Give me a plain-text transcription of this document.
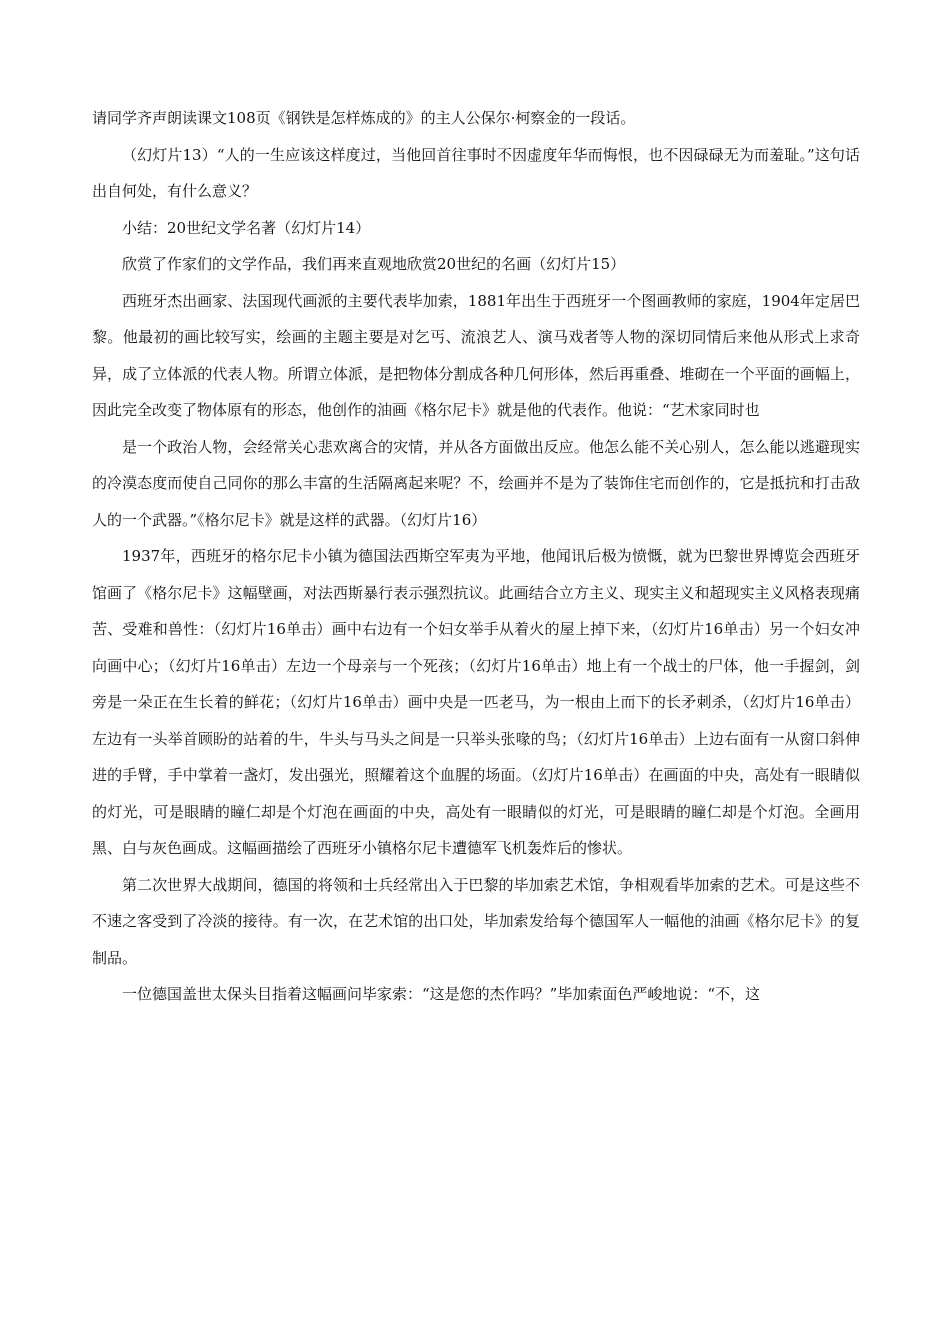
请同学齐声朗读课文108页《钢铁是怎样炼成的》的主人公保尔·柯察金的一段话。

（幻灯片13）“人的一生应该这样度过，当他回首往事时不因虚度年华而悔恨，也不因碌碌无为而羞耻。”这句话出自何处，有什么意义？

小结：20世纪文学名著（幻灯片14）

欣赏了作家们的文学作品，我们再来直观地欣赏20世纪的名画（幻灯片15）

西班牙杰出画家、法国现代画派的主要代表毕加索，1881年出生于西班牙一个图画教师的家庭，1904年定居巴黎。他最初的画比较写实，绘画的主题主要是对乞丐、流浪艺人、演马戏者等人物的深切同情后来他从形式上求奇异，成了立体派的代表人物。所谓立体派，是把物体分割成各种几何形体，然后再重叠、堆砌在一个平面的画幅上，因此完全改变了物体原有的形态，他创作的油画《格尔尼卡》就是他的代表作。他说：“艺术家同时也

是一个政治人物，会经常关心悲欢离合的灾情，并从各方面做出反应。他怎么能不关心别人，怎么能以逃避现实的冷漠态度而使自己同你的那么丰富的生活隔离起来呢？不，绘画并不是为了装饰住宅而创作的，它是抵抗和打击敌人的一个武器。”《格尔尼卡》就是这样的武器。（幻灯片16）

1937年，西班牙的格尔尼卡小镇为德国法西斯空军夷为平地，他闻讯后极为愤慨，就为巴黎世界博览会西班牙馆画了《格尔尼卡》这幅壁画，对法西斯暴行表示强烈抗议。此画结合立方主义、现实主义和超现实主义风格表现痛苦、受难和兽性：（幻灯片16单击）画中右边有一个妇女举手从着火的屋上掉下来，（幻灯片16单击）另一个妇女冲向画中心；（幻灯片16单击）左边一个母亲与一个死孩；（幻灯片16单击）地上有一个战士的尸体，他一手握剑，剑旁是一朵正在生长着的鲜花；（幻灯片16单击）画中央是一匹老马，为一根由上而下的长矛刺杀，（幻灯片16单击）左边有一头举首顾盼的站着的牛，牛头与马头之间是一只举头张喙的鸟；（幻灯片16单击）上边右面有一从窗口斜伸进的手臂，手中掌着一盏灯，发出强光，照耀着这个血腥的场面。（幻灯片16单击）在画面的中央，高处有一眼睛似的灯光，可是眼睛的瞳仁却是个灯泡在画面的中央，高处有一眼睛似的灯光，可是眼睛的瞳仁却是个灯泡。全画用黑、白与灰色画成。这幅画描绘了西班牙小镇格尔尼卡遭德军飞机轰炸后的惨状。

第二次世界大战期间，德国的将领和士兵经常出入于巴黎的毕加索艺术馆，争相观看毕加索的艺术。可是这些不不速之客受到了冷淡的接待。有一次，在艺术馆的出口处，毕加索发给每个德国军人一幅他的油画《格尔尼卡》的复制品。

一位德国盖世太保头目指着这幅画问毕家索：“这是您的杰作吗？”毕加索面色严峻地说：“不，这
